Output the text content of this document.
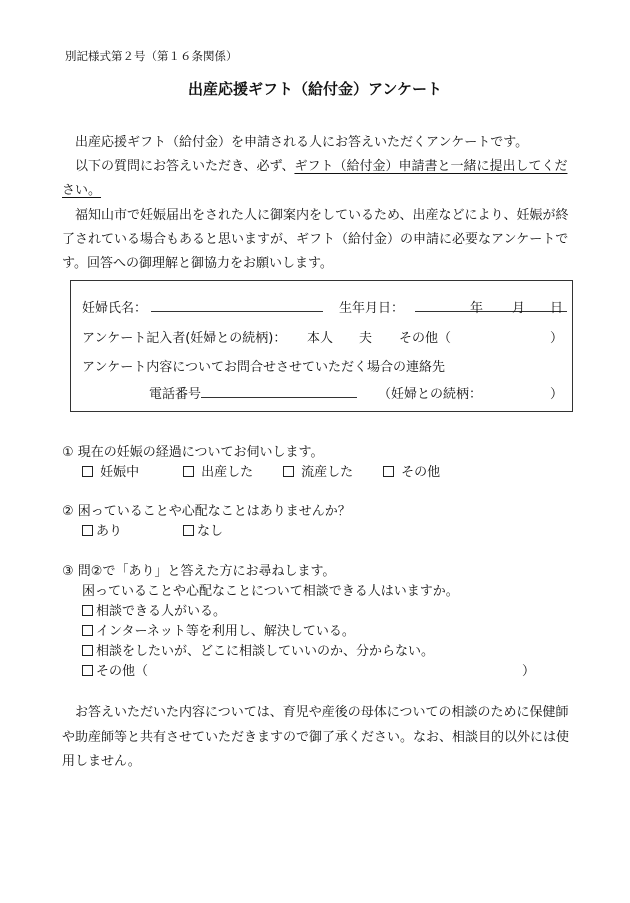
別記様式第２号（第１６条関係）
出産応援ギフト（給付金）アンケート

出産応援ギフト（給付金）を申請される人にお答えいただくアンケートです。

以下の質問にお答えいただき、必ず、ギフト（給付金）申請書と一緒に提出してください。

福知山市で妊娠届出をされた人に御案内をしているため、出産などにより、妊娠が終了されている場合もあると思いますが、ギフト（給付金）の申請に必要なアンケートです。回答への御理解と御協力をお願いします。

妊婦氏名：	生年月日：	年 月 日
アンケート記入者(妊婦との続柄)： 本人 夫 その他（	）
アンケート内容についてお問合せさせていただく場合の連絡先
電話番号	（妊婦との続柄：	）
① 現在の妊娠の経過についてお伺いします。
妊娠中	出産した	流産した	その他
② 困っていることや心配なことはありませんか？
あり	なし
③ 問②で「あり」と答えた方にお尋ねします。
困っていることや心配なことについて相談できる人はいますか。
相談できる人がいる。
インターネット等を利用し、解決している。
相談をしたいが、どこに相談していいのか、分からない。
その他（	）

お答えいただいた内容については、育児や産後の母体についての相談のために保健師や助産師等と共有させていただきますので御了承ください。なお、相談目的以外には使用しません。
